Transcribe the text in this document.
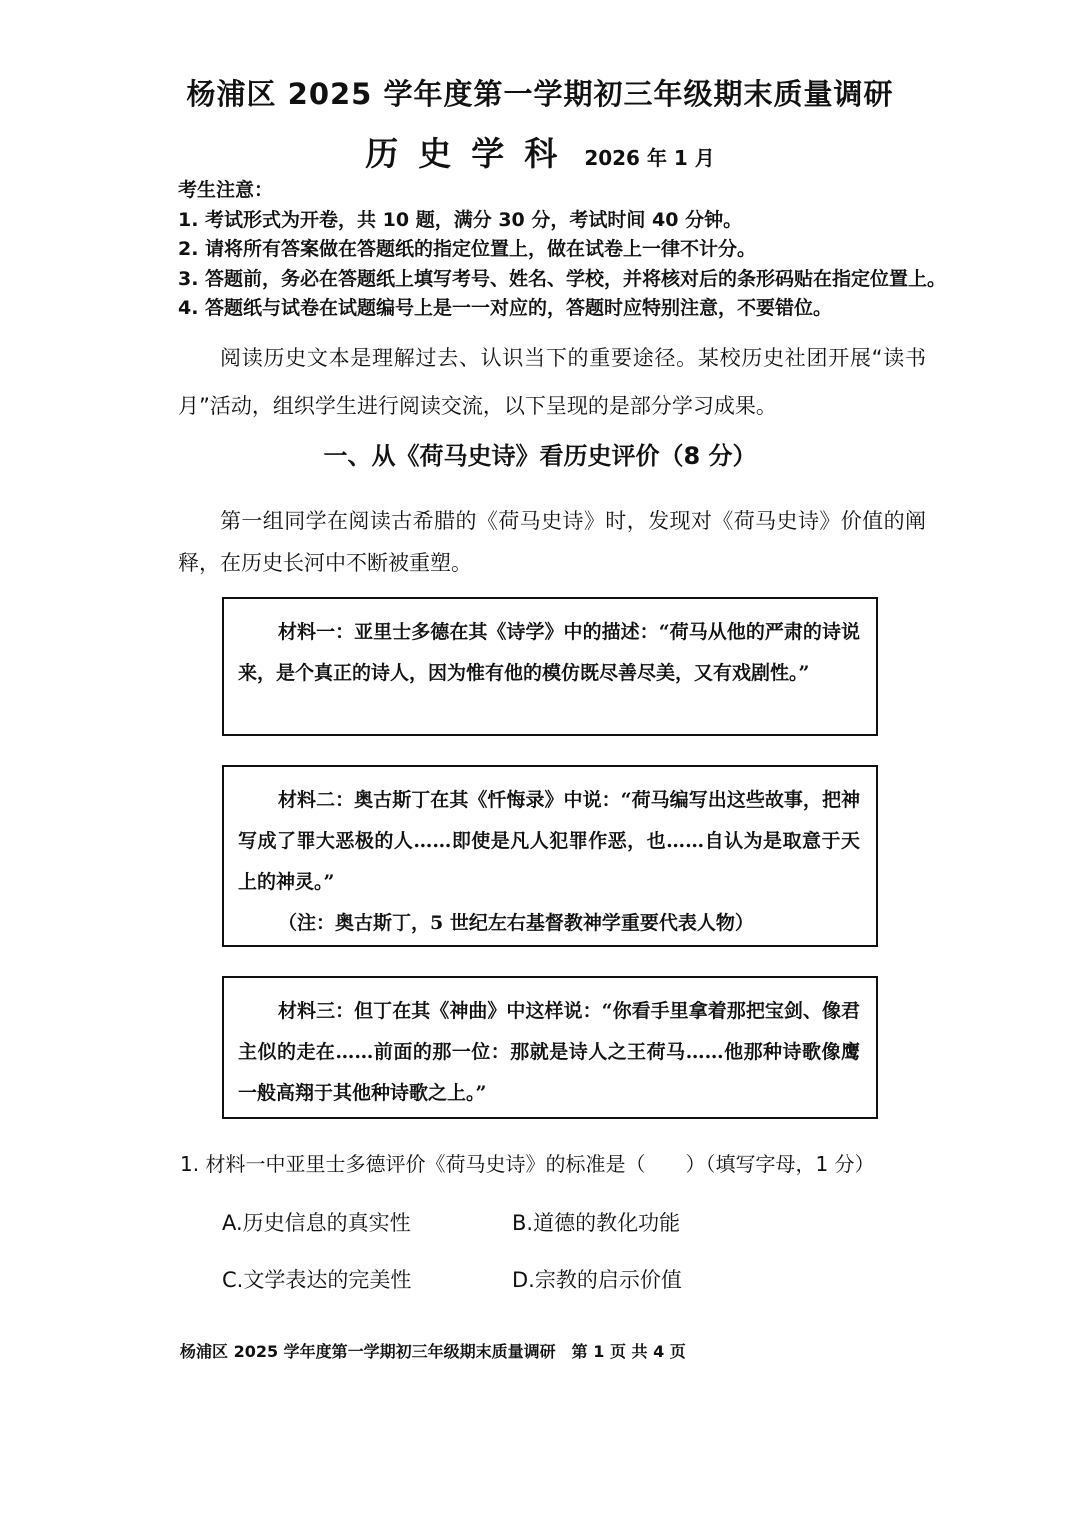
杨浦区 2025 学年度第一学期初三年级期末质量调研
历史学科 2026 年 1 月
考生注意：
1. 考试形式为开卷，共 10 题，满分 30 分，考试时间 40 分钟。
2. 请将所有答案做在答题纸的指定位置上，做在试卷上一律不计分。
3. 答题前，务必在答题纸上填写考号、姓名、学校，并将核对后的条形码贴在指定位置上。
4. 答题纸与试卷在试题编号上是一一对应的，答题时应特别注意，不要错位。
阅读历史文本是理解过去、认识当下的重要途径。某校历史社团开展“读书月”活动，组织学生进行阅读交流，以下呈现的是部分学习成果。
一、从《荷马史诗》看历史评价（8 分）
第一组同学在阅读古希腊的《荷马史诗》时，发现对《荷马史诗》价值的阐释，在历史长河中不断被重塑。
材料一：亚里士多德在其《诗学》中的描述：“荷马从他的严肃的诗说来，是个真正的诗人，因为惟有他的模仿既尽善尽美，又有戏剧性。”
材料二：奥古斯丁在其《忏悔录》中说：“荷马编写出这些故事，把神写成了罪大恶极的人……即使是凡人犯罪作恶，也……自认为是取意于天上的神灵。”
（注：奥古斯丁，5 世纪左右基督教神学重要代表人物）
材料三：但丁在其《神曲》中这样说：“你看手里拿着那把宝剑、像君主似的走在……前面的那一位：那就是诗人之王荷马……他那种诗歌像鹰一般高翔于其他种诗歌之上。”
1. 材料一中亚里士多德评价《荷马史诗》的标准是（　　）（填写字母，1 分）
A.历史信息的真实性	B.道德的教化功能
C.文学表达的完美性	D.宗教的启示价值
杨浦区 2025 学年度第一学期初三年级期末质量调研　第 1 页 共 4 页
